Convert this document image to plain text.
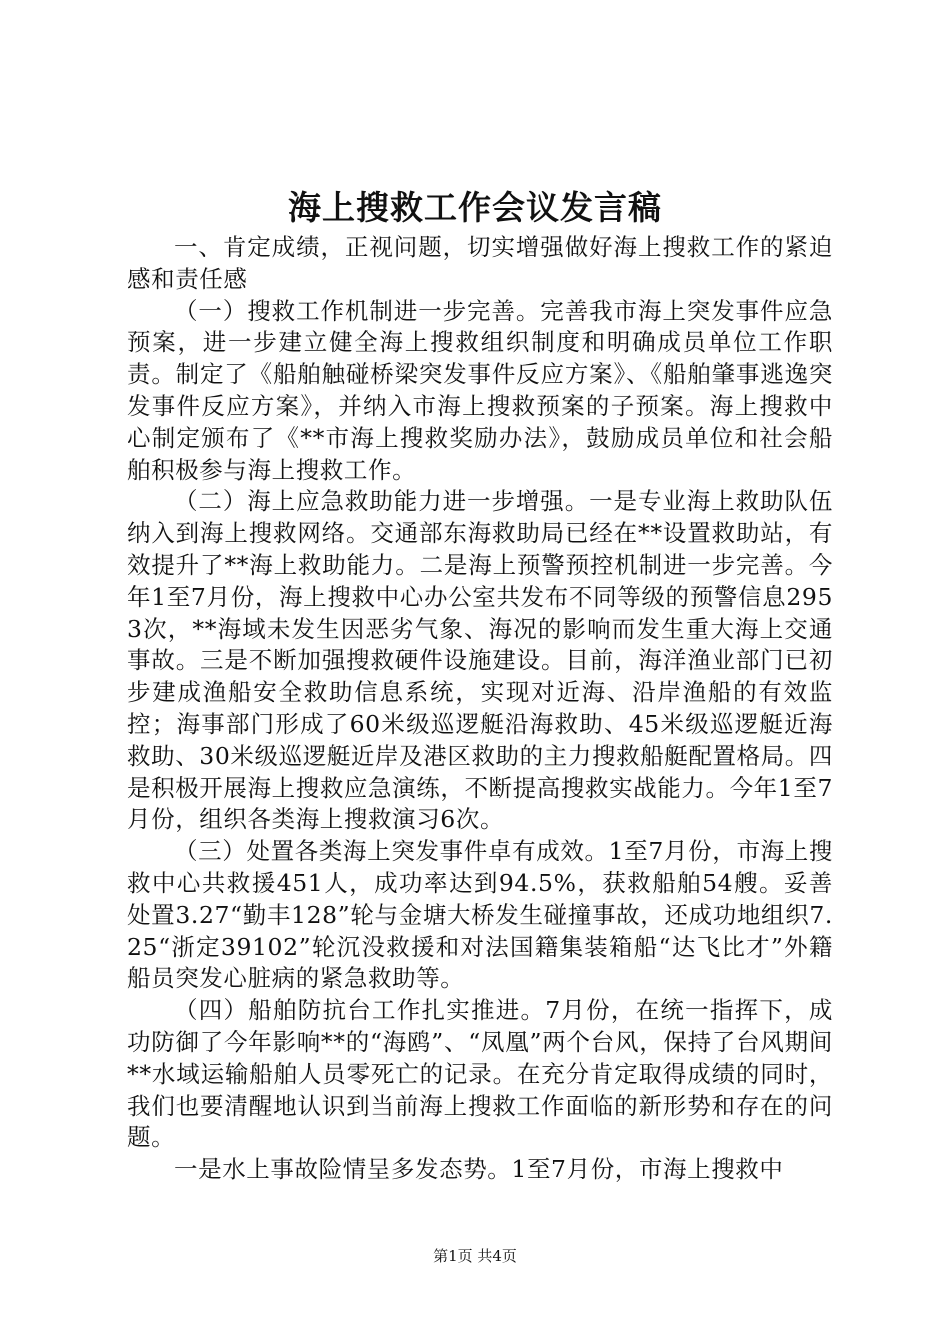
海上搜救工作会议发言稿

一、肯定成绩，正视问题，切实增强做好海上搜救工作的紧迫感和责任感

（一）搜救工作机制进一步完善。完善我市海上突发事件应急预案，进一步建立健全海上搜救组织制度和明确成员单位工作职责。制定了《船舶触碰桥梁突发事件反应方案》、《船舶肇事逃逸突发事件反应方案》，并纳入市海上搜救预案的子预案。海上搜救中心制定颁布了《**市海上搜救奖励办法》，鼓励成员单位和社会船舶积极参与海上搜救工作。

（二）海上应急救助能力进一步增强。一是专业海上救助队伍纳入到海上搜救网络。交通部东海救助局已经在**设置救助站，有效提升了**海上救助能力。二是海上预警预控机制进一步完善。今年1至7月份，海上搜救中心办公室共发布不同等级的预警信息2953次，**海域未发生因恶劣气象、海况的影响而发生重大海上交通事故。三是不断加强搜救硬件设施建设。目前，海洋渔业部门已初步建成渔船安全救助信息系统，实现对近海、沿岸渔船的有效监控；海事部门形成了60米级巡逻艇沿海救助、45米级巡逻艇近海救助、30米级巡逻艇近岸及港区救助的主力搜救船艇配置格局。四是积极开展海上搜救应急演练，不断提高搜救实战能力。今年1至7月份，组织各类海上搜救演习6次。

（三）处置各类海上突发事件卓有成效。1至7月份，市海上搜救中心共救援451人，成功率达到94.5%，获救船舶54艘。妥善处置3.27“勤丰128”轮与金塘大桥发生碰撞事故，还成功地组织7.25“浙定39102”轮沉没救援和对法国籍集装箱船“达飞比才”外籍船员突发心脏病的紧急救助等。

（四）船舶防抗台工作扎实推进。7月份，在统一指挥下，成功防御了今年影响**的“海鸥”、“凤凰”两个台风，保持了台风期间**水域运输船舶人员零死亡的记录。在充分肯定取得成绩的同时，我们也要清醒地认识到当前海上搜救工作面临的新形势和存在的问题。

一是水上事故险情呈多发态势。1至7月份，市海上搜救中

第1页 共4页
